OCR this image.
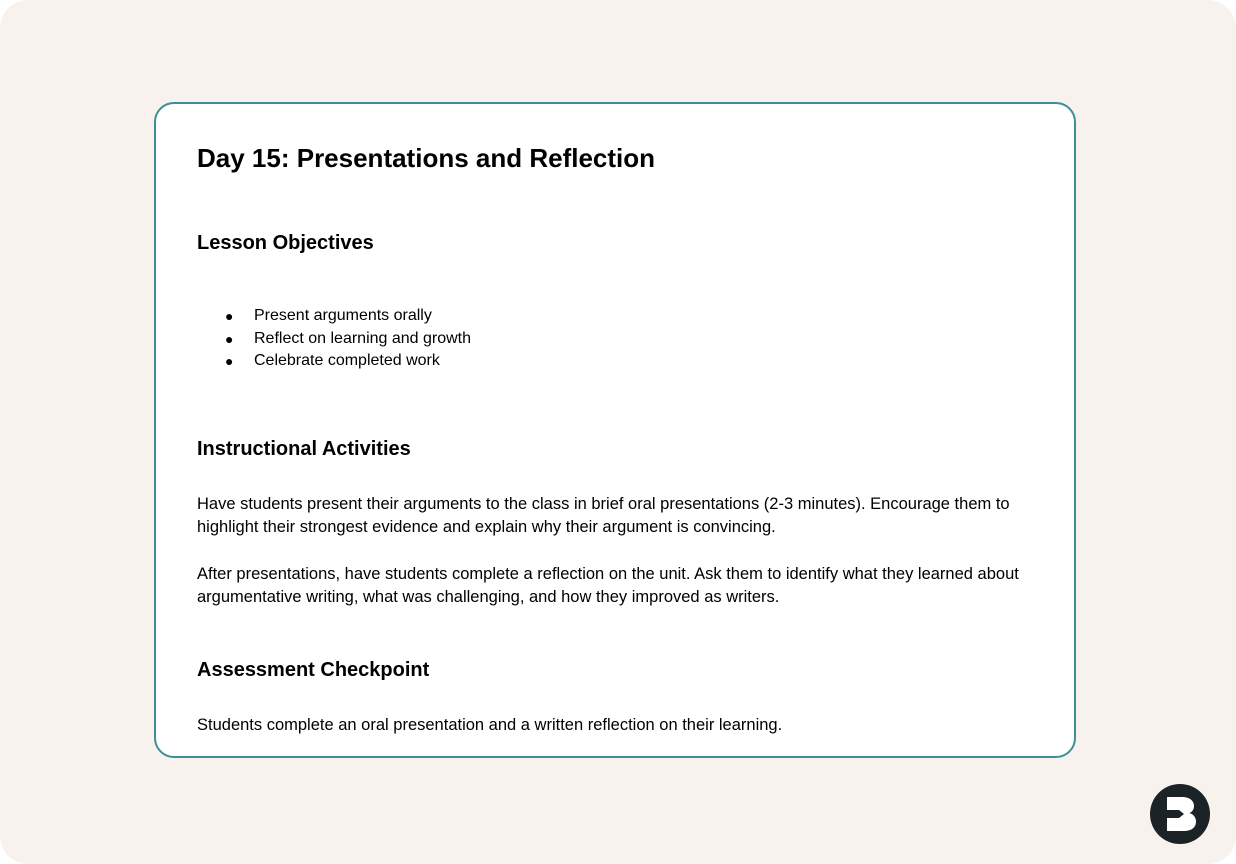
Day 15: Presentations and Reflection
Lesson Objectives
● Present arguments orally
● Reflect on learning and growth
● Celebrate completed work
Instructional Activities

Have students present their arguments to the class in brief oral presentations (2-3 minutes). Encourage them to highlight their strongest evidence and explain why their argument is convincing.

After presentations, have students complete a reflection on the unit. Ask them to identify what they learned about argumentative writing, what was challenging, and how they improved as writers.

Assessment Checkpoint

Students complete an oral presentation and a written reflection on their learning.
